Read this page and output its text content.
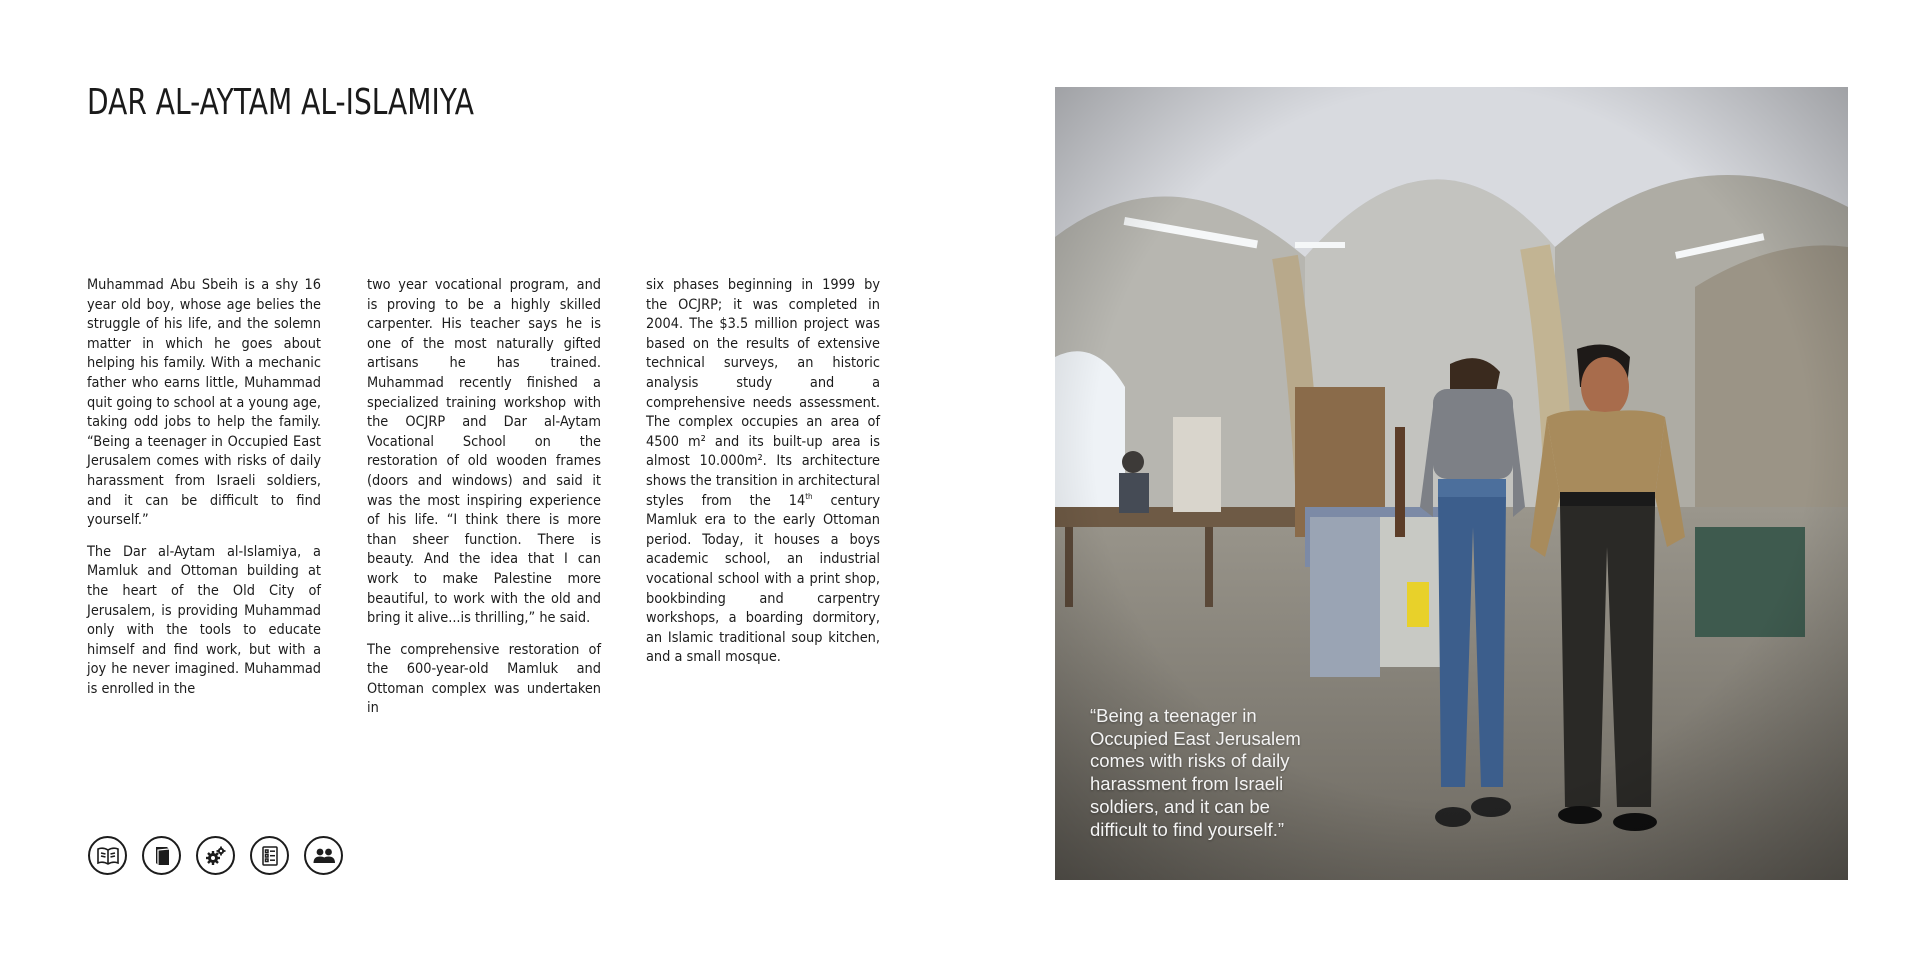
DAR AL-AYTAM AL-ISLAMIYA

Muhammad Abu Sbeih is a shy 16 year old boy, whose age belies the struggle of his life, and the solemn matter in which he goes about helping his family. With a mechanic father who earns little, Muhammad quit going to school at a young age, taking odd jobs to help the family. “Being a teenager in Occupied East Jerusalem comes with risks of daily harassment from Israeli soldiers, and it can be difficult to find yourself.”

The Dar al-Aytam al-Islamiya, a Mamluk and Ottoman building at the heart of the Old City of Jerusalem, is providing Muhammad only with the tools to educate himself and find work, but with a joy he never imagined. Muhammad is enrolled in the

two year vocational program, and is proving to be a highly skilled carpenter. His teacher says he is one of the most naturally gifted artisans he has trained. Muhammad recently finished a specialized training workshop with the OCJRP and Dar al-Aytam Vocational School on the restoration of old wooden frames (doors and windows) and said it was the most inspiring experience of his life. “I think there is more than sheer function. There is beauty. And the idea that I can work to make Palestine more beautiful, to work with the old and bring it alive...is thrilling,” he said.

The comprehensive restoration of the 600-year-old Mamluk and Ottoman complex was undertaken in

six phases beginning in 1999 by the OCJRP; it was completed in 2004. The $3.5 million project was based on the results of extensive technical surveys, an historic analysis study and a comprehensive needs assessment. The complex occupies an area of 4500 m² and its built-up area is almost 10.000m². Its architecture shows the transition in architectural styles from the 14th century Mamluk era to the early Ottoman period. Today, it houses a boys academic school, an industrial vocational school with a print shop, bookbinding and carpentry workshops, a boarding dormitory, an Islamic traditional soup kitchen, and a small mosque.

“Being a teenager in Occupied East Jerusalem comes with risks of daily harassment from Israeli soldiers, and it can be difficult to find yourself.”
